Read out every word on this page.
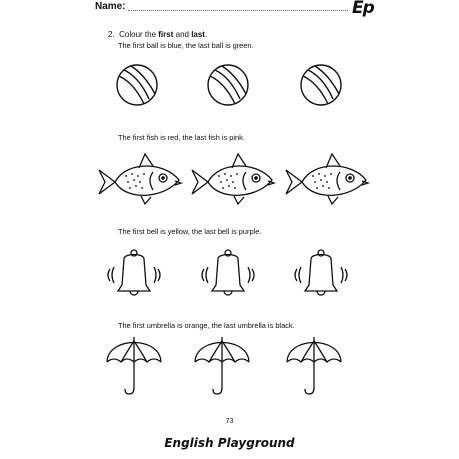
Name:	Ep
2. Colour the first and last.
The first ball is blue, the last ball is green.
The first fish is red, the last fish is pink.
The first bell is yellow, the last bell is purple.
The first umbrella is orange, the last umbrella is black.
73
English Playground
